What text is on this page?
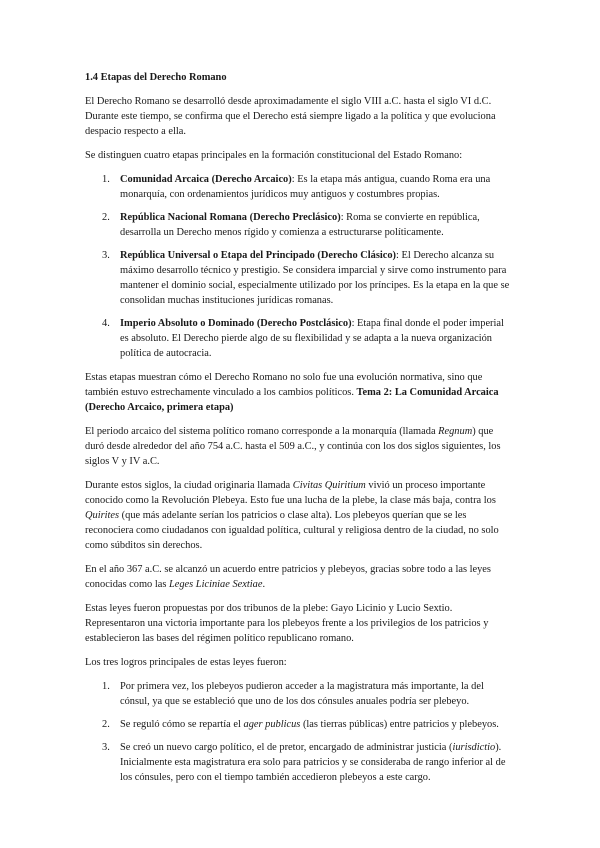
1.4 Etapas del Derecho Romano

El Derecho Romano se desarrolló desde aproximadamente el siglo VIII a.C. hasta el siglo VI d.C. Durante este tiempo, se confirma que el Derecho está siempre ligado a la política y que evoluciona despacio respecto a ella.

Se distinguen cuatro etapas principales en la formación constitucional del Estado Romano:

1. Comunidad Arcaica (Derecho Arcaico): Es la etapa más antigua, cuando Roma era una monarquía, con ordenamientos jurídicos muy antiguos y costumbres propias.
2. República Nacional Romana (Derecho Preclásico): Roma se convierte en república, desarrolla un Derecho menos rígido y comienza a estructurarse políticamente.
3. República Universal o Etapa del Principado (Derecho Clásico): El Derecho alcanza su máximo desarrollo técnico y prestigio. Se considera imparcial y sirve como instrumento para mantener el dominio social, especialmente utilizado por los príncipes. Es la etapa en la que se consolidan muchas instituciones jurídicas romanas.
4. Imperio Absoluto o Dominado (Derecho Postclásico): Etapa final donde el poder imperial es absoluto. El Derecho pierde algo de su flexibilidad y se adapta a la nueva organización política de autocracia.

Estas etapas muestran cómo el Derecho Romano no solo fue una evolución normativa, sino que también estuvo estrechamente vinculado a los cambios políticos. Tema 2: La Comunidad Arcaica (Derecho Arcaico, primera etapa)

El periodo arcaico del sistema político romano corresponde a la monarquía (llamada Regnum) que duró desde alrededor del año 754 a.C. hasta el 509 a.C., y continúa con los dos siglos siguientes, los siglos V y IV a.C.

Durante estos siglos, la ciudad originaria llamada Civitas Quiritium vivió un proceso importante conocido como la Revolución Plebeya. Esto fue una lucha de la plebe, la clase más baja, contra los Quirites (que más adelante serían los patricios o clase alta). Los plebeyos querían que se les reconociera como ciudadanos con igualdad política, cultural y religiosa dentro de la ciudad, no solo como súbditos sin derechos.

En el año 367 a.C. se alcanzó un acuerdo entre patricios y plebeyos, gracias sobre todo a las leyes conocidas como las Leges Liciniae Sextiae.

Estas leyes fueron propuestas por dos tribunos de la plebe: Gayo Licinio y Lucio Sextio. Representaron una victoria importante para los plebeyos frente a los privilegios de los patricios y establecieron las bases del régimen político republicano romano.

Los tres logros principales de estas leyes fueron:

1. Por primera vez, los plebeyos pudieron acceder a la magistratura más importante, la del cónsul, ya que se estableció que uno de los dos cónsules anuales podría ser plebeyo.
2. Se reguló cómo se repartía el ager publicus (las tierras públicas) entre patricios y plebeyos.
3. Se creó un nuevo cargo político, el de pretor, encargado de administrar justicia (iurisdictio). Inicialmente esta magistratura era solo para patricios y se consideraba de rango inferior al de los cónsules, pero con el tiempo también accedieron plebeyos a este cargo.
